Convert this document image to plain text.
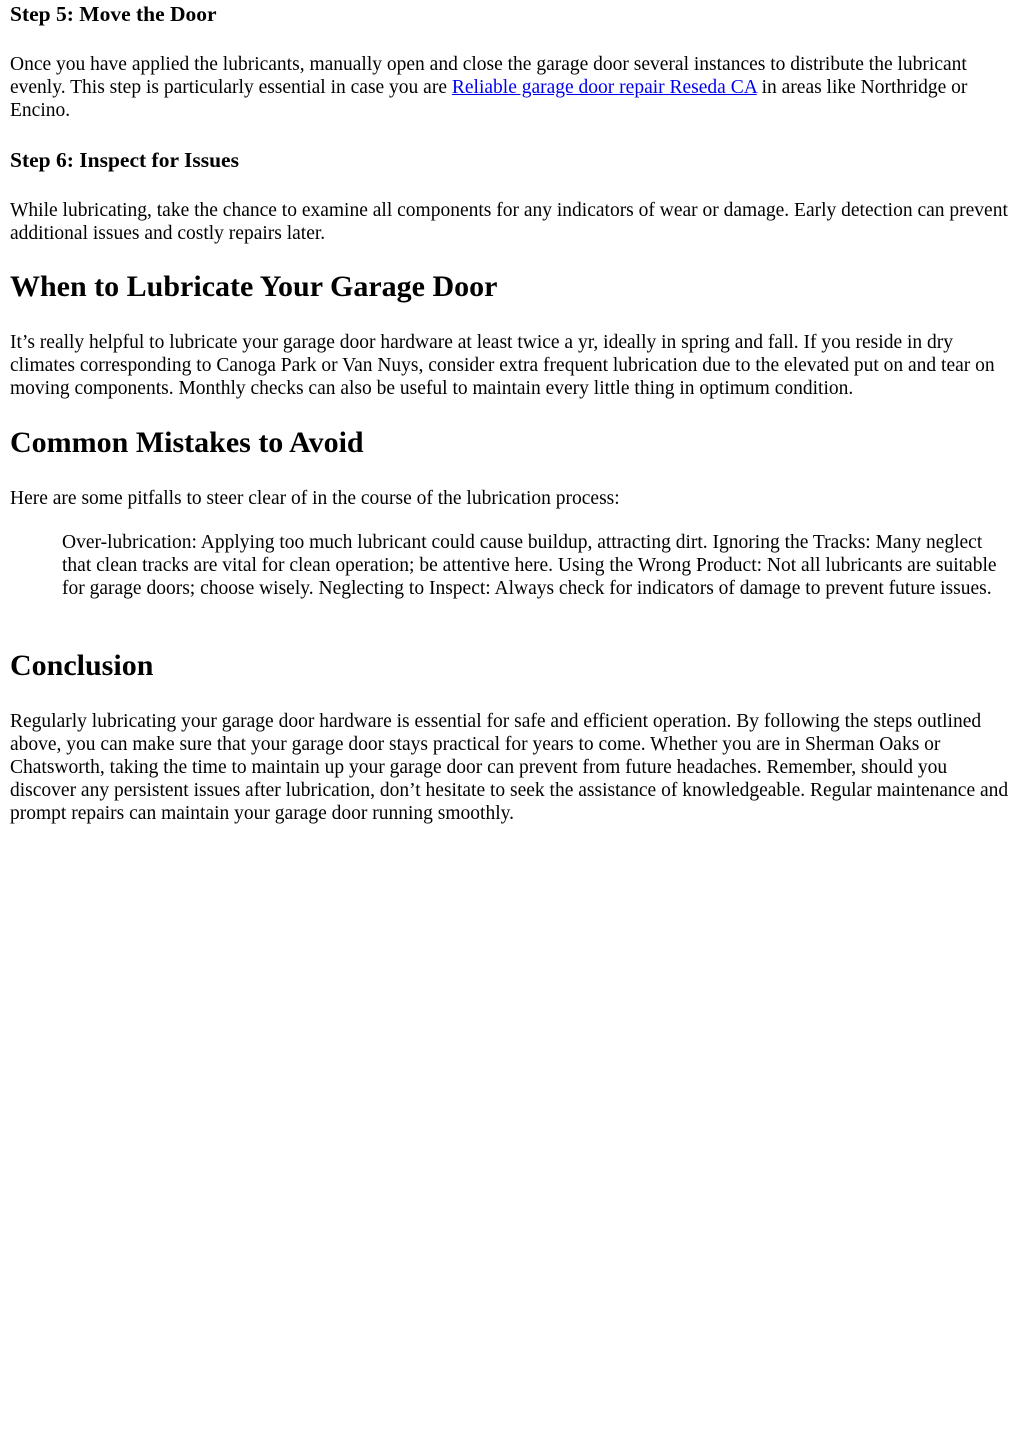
Step 5: Move the Door

Once you have applied the lubricants, manually open and close the garage door several instances to distribute the lubricant evenly. This step is particularly essential in case you are Reliable garage door repair Reseda CA in areas like Northridge or Encino.

Step 6: Inspect for Issues

While lubricating, take the chance to examine all components for any indicators of wear or damage. Early detection can prevent additional issues and costly repairs later.

When to Lubricate Your Garage Door

It’s really helpful to lubricate your garage door hardware at least twice a yr, ideally in spring and fall. If you reside in dry climates corresponding to Canoga Park or Van Nuys, consider extra frequent lubrication due to the elevated put on and tear on moving components. Monthly checks can also be useful to maintain every little thing in optimum condition.

Common Mistakes to Avoid

Here are some pitfalls to steer clear of in the course of the lubrication process:

Over-lubrication: Applying too much lubricant could cause buildup, attracting dirt. Ignoring the Tracks: Many neglect that clean tracks are vital for clean operation; be attentive here. Using the Wrong Product: Not all lubricants are suitable for garage doors; choose wisely. Neglecting to Inspect: Always check for indicators of damage to prevent future issues.
Conclusion

Regularly lubricating your garage door hardware is essential for safe and efficient operation. By following the steps outlined above, you can make sure that your garage door stays practical for years to come. Whether you are in Sherman Oaks or Chatsworth, taking the time to maintain up your garage door can prevent from future headaches. Remember, should you discover any persistent issues after lubrication, don’t hesitate to seek the assistance of knowledgeable. Regular maintenance and prompt repairs can maintain your garage door running smoothly.
